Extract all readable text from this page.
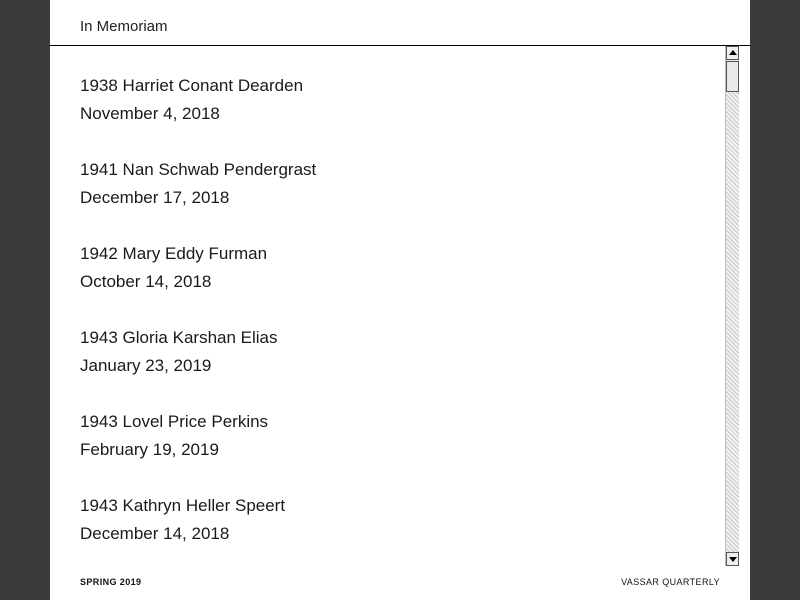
In Memoriam
1938 Harriet Conant Dearden
November 4, 2018
1941 Nan Schwab Pendergrast
December 17, 2018
1942 Mary Eddy Furman
October 14, 2018
1943 Gloria Karshan Elias
January 23, 2019
1943 Lovel Price Perkins
February 19, 2019
1943 Kathryn Heller Speert
December 14, 2018
SPRING 2019	VASSAR QUARTERLY
